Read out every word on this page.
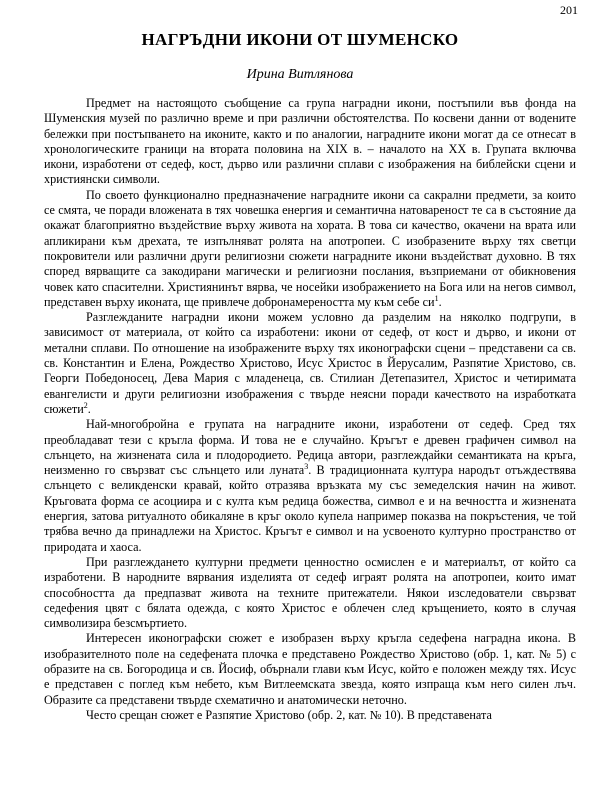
201
НАГРЪДНИ ИКОНИ ОТ ШУМЕНСКО
Ирина Витлянова

Предмет на настоящото съобщение са група наградни икони, постъпили във фонда на Шуменския музей по различно време и при различни обстоятелства. По косвени данни от водените бележки при постъпването на иконите, както и по аналогии, наградните икони могат да се отнесат в хронологическите граници на втората половина на XIX в. – началото на XX в. Групата включва икони, изработени от седеф, кост, дърво или различни сплави с изображения на библейски сцени и християнски символи.

По своето функционално предназначение наградните икони са сакрални предмети, за които се смята, че поради вложената в тях човешка енергия и семантична натовареност те са в състояние да окажат благоприятно въздействие върху живота на хората. В това си качество, окачени на врата или апликирани към дрехата, те изпълняват ролята на апотропеи. С изобразените върху тях светци покровители или различни други религиозни сюжети наградните икони въздействат духовно. В тях според вярващите са закодирани магически и религиозни послания, възприемани от обикновения човек като спасителни. Християнинът вярва, че носейки изображението на Бога или на негов символ, представен върху иконата, ще привлече добронамереността му към себе $си^1$.

Разглежданите наградни икони можем условно да разделим на няколко подгрупи, в зависимост от материала, от който са изработени: икони от седеф, от кост и дърво, и икони от метални сплави. По отношение на изображените върху тях иконографски сцени – представени са св. св. Константин и Елена, Рождество Христово, Исус Христос в Йерусалим, Разпятие Христово, св. Георги Победоносец, Дева Мария с младенеца, св. Стилиан Детепазител, Христос и четиримата евангелисти и други религиозни изображения с твърде неясни поради качеството на изработката сюжети$^2$.

Най-многобройна е групата на наградните икони, изработени от седеф. Сред тях преобладават тези с кръгла форма. И това не е случайно. Кръгът е древен графичен символ на слънцето, на жизнената сила и плодородието. Редица автори, разглеждайки семантиката на кръга, неизменно го свързват със слънцето или луната$^3$. В традиционната култура народът отъждествява слънцето с великденски кравай, който отразява връзката му със земеделския начин на живот. Кръговата форма се асоциира и с култа към редица божества, символ е и на вечността и жизнената енергия, затова ритуалното обикаляне в кръг около купела например показва на покръстения, че той трябва вечно да принадлежи на Христос. Кръгът е символ и на усвоеното културно пространство от природата и хаоса.

При разглеждането културни предмети ценностно осмислен е и материалът, от който са изработени. В народните вярвания изделията от седеф играят ролята на апотропеи, които имат способността да предпазват живота на техните притежатели. Някои изследователи свързват седефения цвят с бялата одежда, с която Христос е облечен след кръщението, която в случая символизира безсмъртието.

Интересен иконографски сюжет е изобразен върху кръгла седефена наградна икона. В изобразителното поле на седефената плочка е представено Рождество Христово (обр. 1, кат. № 5) с образите на св. Богородица и св. Йосиф, обърнали глави към Исус, който е положен между тях. Исус е представен с поглед към небето, към Витлеемската звезда, която изпраща към него силен лъч. Образите са представени твърде схематично и анатомически неточно.

Често срещан сюжет е Разпятие Христово (обр. 2, кат. № 10). В представената
